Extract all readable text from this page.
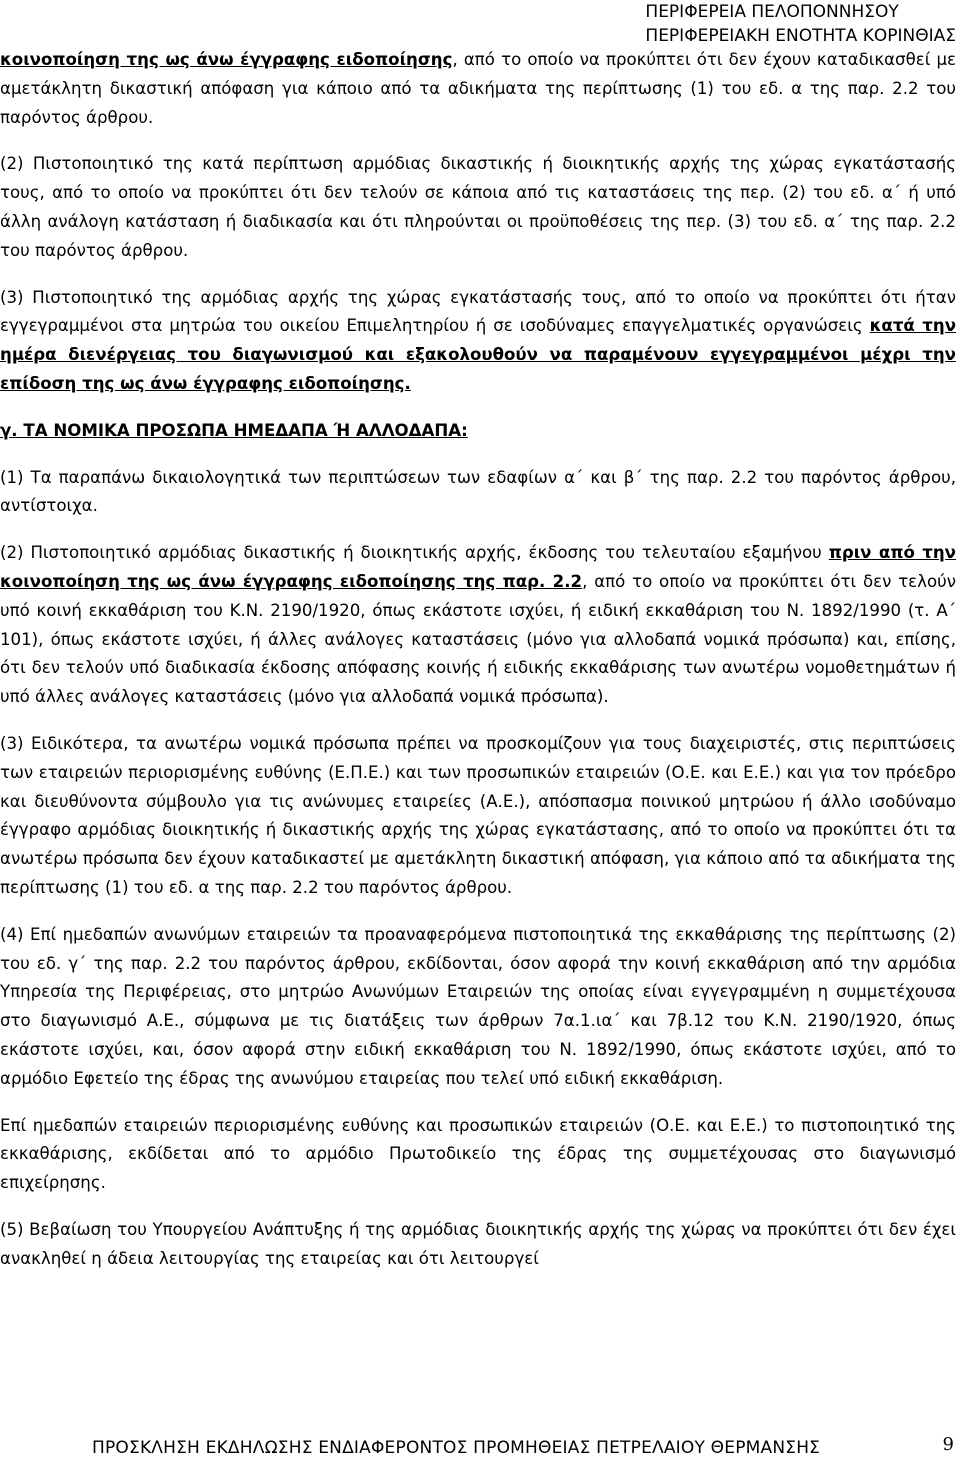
ΠΕΡΙΦΕΡΕΙΑ ΠΕΛΟΠΟΝΝΗΣΟΥ
ΠΕΡΙΦΕΡΕΙΑΚΗ ΕΝΟΤΗΤΑ ΚΟΡΙΝΘΙΑΣ

κοινοποίηση της ως άνω έγγραφης ειδοποίησης, από το οποίο να προκύπτει ότι δεν έχουν καταδικασθεί με αμετάκλητη δικαστική απόφαση για κάποιο από τα αδικήματα της περίπτωσης (1) του εδ. α της παρ. 2.2 του παρόντος άρθρου.

(2) Πιστοποιητικό της κατά περίπτωση αρμόδιας δικαστικής ή διοικητικής αρχής της χώρας εγκατάστασής τους, από το οποίο να προκύπτει ότι δεν τελούν σε κάποια από τις καταστάσεις της περ. (2) του εδ. α΄ ή υπό άλλη ανάλογη κατάσταση ή διαδικασία και ότι πληρούνται οι προϋποθέσεις της περ. (3) του εδ. α΄ της παρ. 2.2 του παρόντος άρθρου.

(3) Πιστοποιητικό της αρμόδιας αρχής της χώρας εγκατάστασής τους, από το οποίο να προκύπτει ότι ήταν εγγεγραμμένοι στα μητρώα του οικείου Επιμελητηρίου ή σε ισοδύναμες επαγγελματικές οργανώσεις κατά την ημέρα διενέργειας του διαγωνισμού και εξακολουθούν να παραμένουν εγγεγραμμένοι μέχρι την επίδοση της ως άνω έγγραφης ειδοποίησης.

γ. ΤΑ ΝΟΜΙΚΑ ΠΡΟΣΩΠΑ ΗΜΕΔΑΠΑ Ή ΑΛΛΟΔΑΠΑ:

(1) Τα παραπάνω δικαιολογητικά των περιπτώσεων των εδαφίων α΄ και β΄ της παρ. 2.2 του παρόντος άρθρου, αντίστοιχα.

(2) Πιστοποιητικό αρμόδιας δικαστικής ή διοικητικής αρχής, έκδοσης του τελευταίου εξαμήνου πριν από την κοινοποίηση της ως άνω έγγραφης ειδοποίησης της παρ. 2.2, από το οποίο να προκύπτει ότι δεν τελούν υπό κοινή εκκαθάριση του Κ.Ν. 2190/1920, όπως εκάστοτε ισχύει, ή ειδική εκκαθάριση του Ν. 1892/1990 (τ. Α΄ 101), όπως εκάστοτε ισχύει, ή άλλες ανάλογες καταστάσεις (μόνο για αλλοδαπά νομικά πρόσωπα) και, επίσης, ότι δεν τελούν υπό διαδικασία έκδοσης απόφασης κοινής ή ειδικής εκκαθάρισης των ανωτέρω νομοθετημάτων ή υπό άλλες ανάλογες καταστάσεις (μόνο για αλλοδαπά νομικά πρόσωπα).

(3) Ειδικότερα, τα ανωτέρω νομικά πρόσωπα πρέπει να προσκομίζουν για τους διαχειριστές, στις περιπτώσεις των εταιρειών περιορισμένης ευθύνης (Ε.Π.Ε.) και των προσωπικών εταιρειών (Ο.Ε. και Ε.Ε.) και για τον πρόεδρο και διευθύνοντα σύμβουλο για τις ανώνυμες εταιρείες (Α.Ε.), απόσπασμα ποινικού μητρώου ή άλλο ισοδύναμο έγγραφο αρμόδιας διοικητικής ή δικαστικής αρχής της χώρας εγκατάστασης, από το οποίο να προκύπτει ότι τα ανωτέρω πρόσωπα δεν έχουν καταδικαστεί με αμετάκλητη δικαστική απόφαση, για κάποιο από τα αδικήματα της περίπτωσης (1) του εδ. α της παρ. 2.2 του παρόντος άρθρου.

(4) Επί ημεδαπών ανωνύμων εταιρειών τα προαναφερόμενα πιστοποιητικά της εκκαθάρισης της περίπτωσης (2) του εδ. γ΄ της παρ. 2.2 του παρόντος άρθρου, εκδίδονται, όσον αφορά την κοινή εκκαθάριση από την αρμόδια Υπηρεσία της Περιφέρειας, στο μητρώο Ανωνύμων Εταιρειών της οποίας είναι εγγεγραμμένη η συμμετέχουσα στο διαγωνισμό Α.Ε., σύμφωνα με τις διατάξεις των άρθρων 7α.1.ια΄ και 7β.12 του Κ.Ν. 2190/1920, όπως εκάστοτε ισχύει, και, όσον αφορά στην ειδική εκκαθάριση του Ν. 1892/1990, όπως εκάστοτε ισχύει, από το αρμόδιο Εφετείο της έδρας της ανωνύμου εταιρείας που τελεί υπό ειδική εκκαθάριση.

Επί ημεδαπών εταιρειών περιορισμένης ευθύνης και προσωπικών εταιρειών (Ο.Ε. και Ε.Ε.) το πιστοποιητικό της εκκαθάρισης, εκδίδεται από το αρμόδιο Πρωτοδικείο της έδρας της συμμετέχουσας στο διαγωνισμό επιχείρησης.

(5) Βεβαίωση του Υπουργείου Ανάπτυξης ή της αρμόδιας διοικητικής αρχής της χώρας να προκύπτει ότι δεν έχει ανακληθεί η άδεια λειτουργίας της εταιρείας και ότι λειτουργεί

ΠΡΟΣΚΛΗΣΗ ΕΚΔΗΛΩΣΗΣ ΕΝΔΙΑΦΕΡΟΝΤΟΣ ΠΡΟΜΗΘΕΙΑΣ ΠΕΤΡΕΛΑΙΟΥ ΘΕΡΜΑΝΣΗΣ	9
